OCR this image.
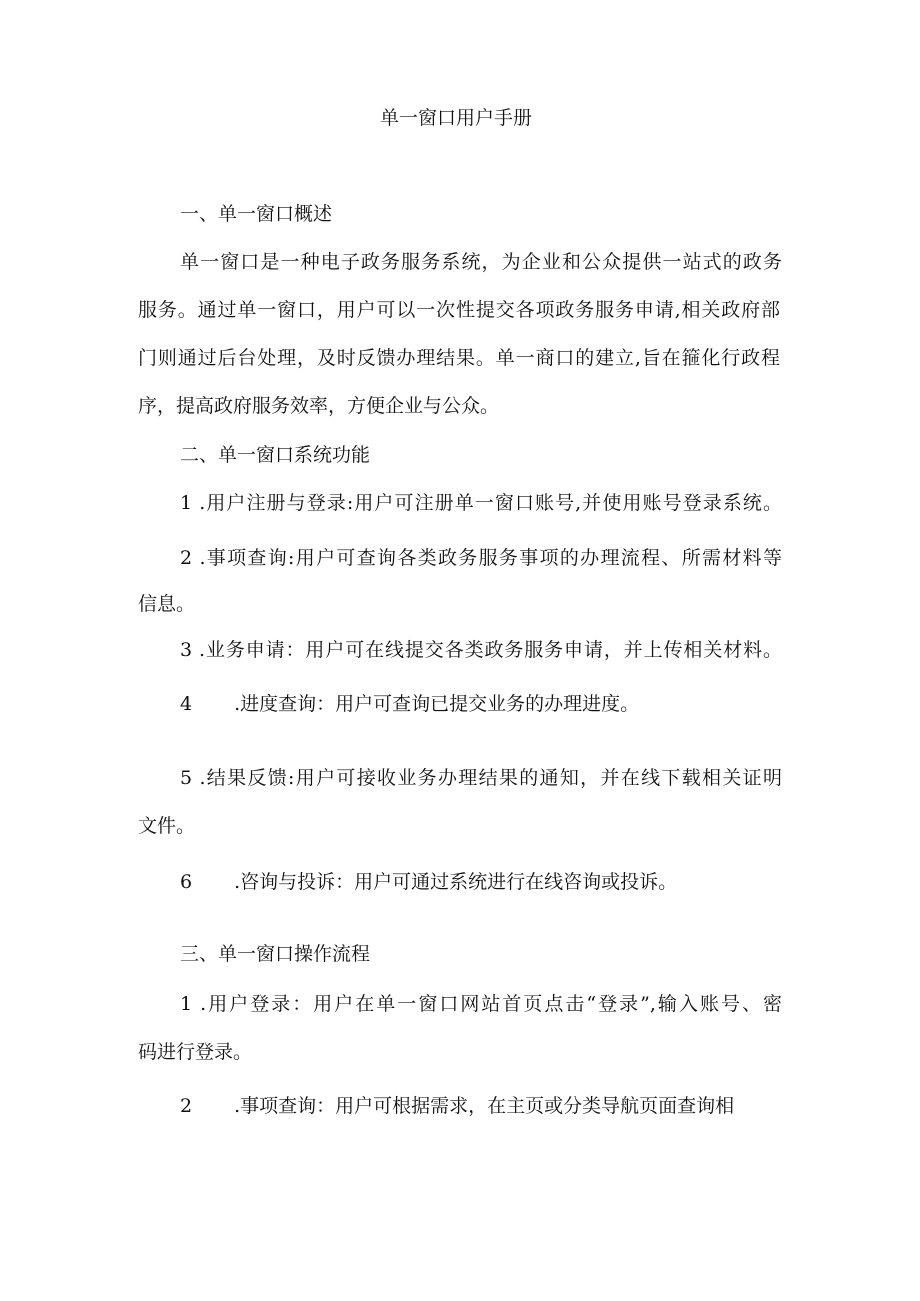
单一窗口用户手册

一、单一窗口概述

单一窗口是一种电子政务服务系统，为企业和公众提供一站式的政务

服务。通过单一窗口，用户可以一次性提交各项政务服务申请,相关政府部

门则通过后台处理，及时反馈办理结果。单一商口的建立,旨在箍化行政程

序，提高政府服务效率，方便企业与公众。

二、单一窗口系统功能

1 .用户注册与登录:用户可注册单一窗口账号,并使用账号登录系统。

2 .事项查询:用户可查询各类政务服务事项的办理流程、所需材料等

信息。

3 .业务申请：用户可在线提交各类政务服务申请，并上传相关材料。

4 .进度查询：用户可查询已提交业务的办理进度。

5 .结果反馈:用户可接收业务办理结果的通知，并在线下载相关证明

文件。

6 .咨询与投诉：用户可通过系统进行在线咨询或投诉。

三、单一窗口操作流程

1 .用户登录：用户在单一窗口网站首页点击“登录”,输入账号、密

码进行登录。

2 .事项查询：用户可根据需求，在主页或分类导航页面查询相
